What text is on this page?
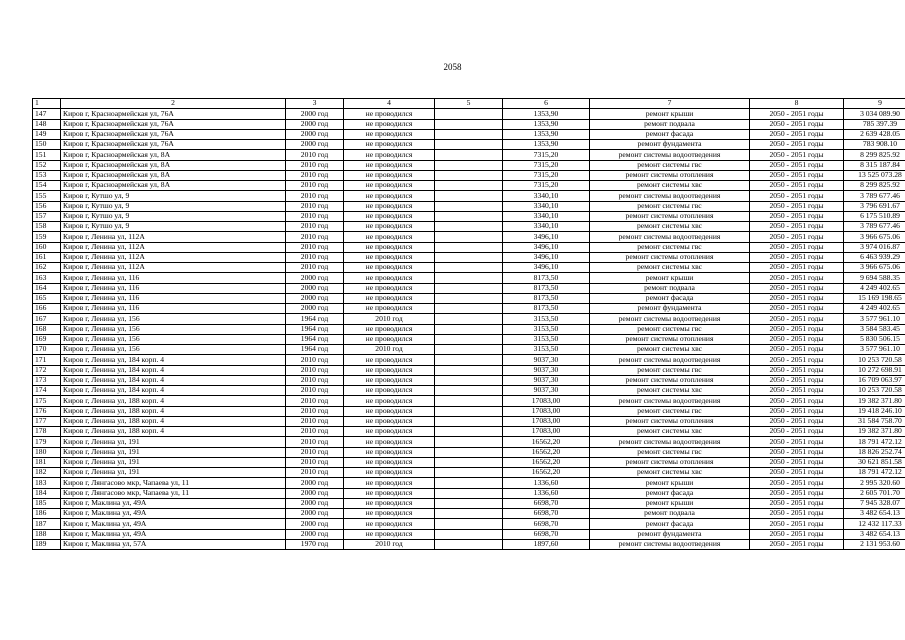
2058
1	2	3	4	5	6	7	8	9
147	Киров г, Красноармейская ул, 76А	2000 год	не проводился		1353,90	ремонт крыши	2050 - 2051 годы	3 034 089.90
148	Киров г, Красноармейская ул, 76А	2000 год	не проводился		1353,90	ремонт подвала	2050 - 2051 годы	785 397.39
149	Киров г, Красноармейская ул, 76А	2000 год	не проводился		1353,90	ремонт фасада	2050 - 2051 годы	2 639 428.05
150	Киров г, Красноармейская ул, 76А	2000 год	не проводился		1353,90	ремонт фундамента	2050 - 2051 годы	783 908.10
151	Киров г, Красноармейская ул, 8А	2010 год	не проводился		7315,20	ремонт системы водоотведения	2050 - 2051 годы	8 299 825.92
152	Киров г, Красноармейская ул, 8А	2010 год	не проводился		7315,20	ремонт системы гвс	2050 - 2051 годы	8 315 187.84
153	Киров г, Красноармейская ул, 8А	2010 год	не проводился		7315,20	ремонт системы отопления	2050 - 2051 годы	13 525 073.28
154	Киров г, Красноармейская ул, 8А	2010 год	не проводился		7315,20	ремонт системы хвс	2050 - 2051 годы	8 299 825.92
155	Киров г, Кутшо ул, 9	2010 год	не проводился		3340,10	ремонт системы водоотведения	2050 - 2051 годы	3 789 677.46
156	Киров г, Кутшо ул, 9	2010 год	не проводился		3340,10	ремонт системы гвс	2050 - 2051 годы	3 796 691.67
157	Киров г, Кутшо ул, 9	2010 год	не проводился		3340,10	ремонт системы отопления	2050 - 2051 годы	6 175 510.89
158	Киров г, Кутшо ул, 9	2010 год	не проводился		3340,10	ремонт системы хвс	2050 - 2051 годы	3 789 677.46
159	Киров г, Ленина ул, 112А	2010 год	не проводился		3496,10	ремонт системы водоотведения	2050 - 2051 годы	3 966 675.06
160	Киров г, Ленина ул, 112А	2010 год	не проводился		3496,10	ремонт системы гвс	2050 - 2051 годы	3 974 016.87
161	Киров г, Ленина ул, 112А	2010 год	не проводился		3496,10	ремонт системы отопления	2050 - 2051 годы	6 463 939.29
162	Киров г, Ленина ул, 112А	2010 год	не проводился		3496,10	ремонт системы хвс	2050 - 2051 годы	3 966 675.06
163	Киров г, Ленина ул, 116	2000 год	не проводился		8173,50	ремонт крыши	2050 - 2051 годы	9 694 588.35
164	Киров г, Ленина ул, 116	2000 год	не проводился		8173,50	ремонт подвала	2050 - 2051 годы	4 249 402.65
165	Киров г, Ленина ул, 116	2000 год	не проводился		8173,50	ремонт фасада	2050 - 2051 годы	15 169 198.65
166	Киров г, Ленина ул, 116	2000 год	не проводился		8173,50	ремонт фундамента	2050 - 2051 годы	4 249 402.65
167	Киров г, Ленина ул, 156	1964 год	2010 год		3153,50	ремонт системы водоотведения	2050 - 2051 годы	3 577 961.10
168	Киров г, Ленина ул, 156	1964 год	не проводился		3153,50	ремонт системы гвс	2050 - 2051 годы	3 584 583.45
169	Киров г, Ленина ул, 156	1964 год	не проводился		3153,50	ремонт системы отопления	2050 - 2051 годы	5 830 506.15
170	Киров г, Ленина ул, 156	1964 год	2010 год		3153,50	ремонт системы хвс	2050 - 2051 годы	3 577 961.10
171	Киров г, Ленина ул, 184 корп. 4	2010 год	не проводился		9037,30	ремонт системы водоотведения	2050 - 2051 годы	10 253 720.58
172	Киров г, Ленина ул, 184 корп. 4	2010 год	не проводился		9037,30	ремонт системы гвс	2050 - 2051 годы	10 272 698.91
173	Киров г, Ленина ул, 184 корп. 4	2010 год	не проводился		9037,30	ремонт системы отопления	2050 - 2051 годы	16 709 063.97
174	Киров г, Ленина ул, 184 корп. 4	2010 год	не проводился		9037,30	ремонт системы хвс	2050 - 2051 годы	10 253 720.58
175	Киров г, Ленина ул, 188 корп. 4	2010 год	не проводился		17083,00	ремонт системы водоотведения	2050 - 2051 годы	19 382 371.80
176	Киров г, Ленина ул, 188 корп. 4	2010 год	не проводился		17083,00	ремонт системы гвс	2050 - 2051 годы	19 418 246.10
177	Киров г, Ленина ул, 188 корп. 4	2010 год	не проводился		17083,00	ремонт системы отопления	2050 - 2051 годы	31 584 758.70
178	Киров г, Ленина ул, 188 корп. 4	2010 год	не проводился		17083,00	ремонт системы хвс	2050 - 2051 годы	19 382 371.80
179	Киров г, Ленина ул, 191	2010 год	не проводился		16562,20	ремонт системы водоотведения	2050 - 2051 годы	18 791 472.12
180	Киров г, Ленина ул, 191	2010 год	не проводился		16562,20	ремонт системы гвс	2050 - 2051 годы	18 826 252.74
181	Киров г, Ленина ул, 191	2010 год	не проводился		16562,20	ремонт системы отопления	2050 - 2051 годы	30 621 851.58
182	Киров г, Ленина ул, 191	2010 год	не проводился		16562,20	ремонт системы хвс	2050 - 2051 годы	18 791 472.12
183	Киров г, Лянгасово мкр, Чапаева ул, 11	2000 год	не проводился		1336,60	ремонт крыши	2050 - 2051 годы	2 995 320.60
184	Киров г, Лянгасово мкр, Чапаева ул, 11	2000 год	не проводился		1336,60	ремонт фасада	2050 - 2051 годы	2 605 701.70
185	Киров г, Маклина ул, 49А	2000 год	не проводился		6698,70	ремонт крыши	2050 - 2051 годы	7 945 328.07
186	Киров г, Маклина ул, 49А	2000 год	не проводился		6698,70	ремонт подвала	2050 - 2051 годы	3 482 654.13
187	Киров г, Маклина ул, 49А	2000 год	не проводился		6698,70	ремонт фасада	2050 - 2051 годы	12 432 117.33
188	Киров г, Маклина ул, 49А	2000 год	не проводился		6698,70	ремонт фундамента	2050 - 2051 годы	3 482 654.13
189	Киров г, Маклина ул, 57А	1970 год	2010 год		1897,60	ремонт системы водоотведения	2050 - 2051 годы	2 131 953.60
